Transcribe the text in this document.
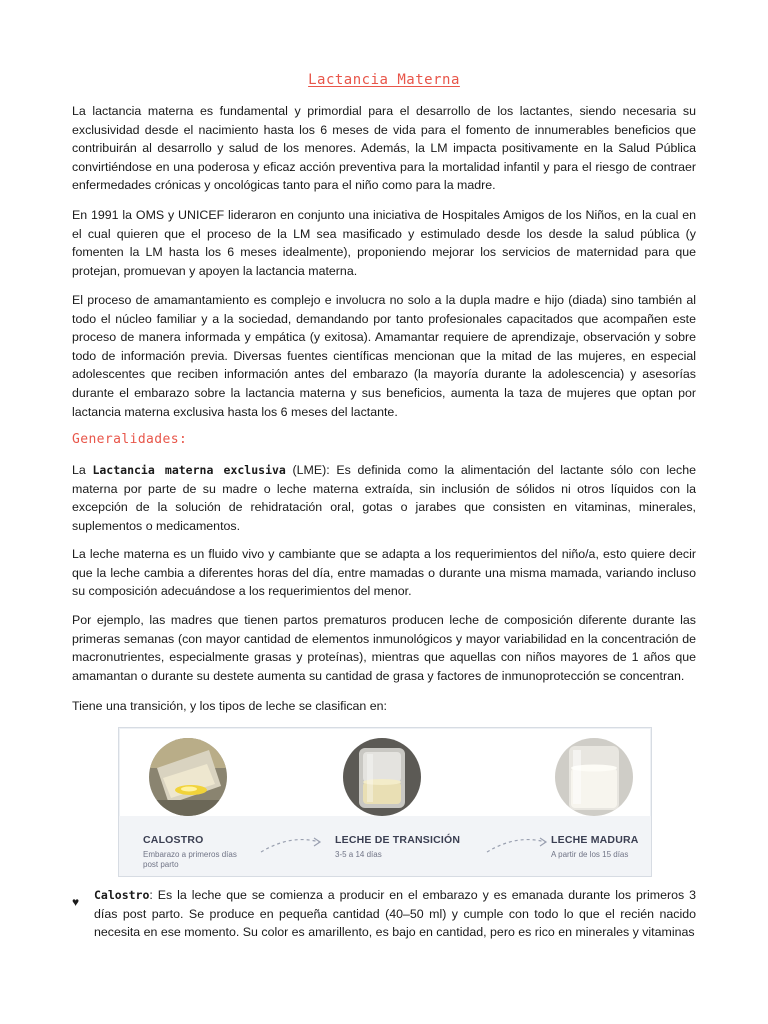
Lactancia Materna

La lactancia materna es fundamental y primordial para el desarrollo de los lactantes, siendo necesaria su exclusividad desde el nacimiento hasta los 6 meses de vida para el fomento de innumerables beneficios que contribuirán al desarrollo y salud de los menores. Además, la LM impacta positivamente en la Salud Pública convirtiéndose en una poderosa y eficaz acción preventiva para la mortalidad infantil y para el riesgo de contraer enfermedades crónicas y oncológicas tanto para el niño como para la madre.

En 1991 la OMS y UNICEF lideraron en conjunto una iniciativa de Hospitales Amigos de los Niños, en la cual en el cual quieren que el proceso de la LM sea masificado y estimulado desde los desde la salud pública (y fomenten la LM hasta los 6 meses idealmente), proponiendo mejorar los servicios de maternidad para que protejan, promuevan y apoyen la lactancia materna.

El proceso de amamantamiento es complejo e involucra no solo a la dupla madre e hijo (diada) sino también al todo el núcleo familiar y a la sociedad, demandando por tanto profesionales capacitados que acompañen este proceso de manera informada y empática (y exitosa). Amamantar requiere de aprendizaje, observación y sobre todo de información previa. Diversas fuentes científicas mencionan que la mitad de las mujeres, en especial adolescentes que reciben información antes del embarazo (la mayoría durante la adolescencia) y asesorías durante el embarazo sobre la lactancia materna y sus beneficios, aumenta la taza de mujeres que optan por lactancia materna exclusiva hasta los 6 meses del lactante.

Generalidades:

La Lactancia materna exclusiva (LME): Es definida como la alimentación del lactante sólo con leche materna por parte de su madre o leche materna extraída, sin inclusión de sólidos ni otros líquidos con la excepción de la solución de rehidratación oral, gotas o jarabes que consisten en vitaminas, minerales, suplementos o medicamentos.

La leche materna es un fluido vivo y cambiante que se adapta a los requerimientos del niño/a, esto quiere decir que la leche cambia a diferentes horas del día, entre mamadas o durante una misma mamada, variando incluso su composición adecuándose a los requerimientos del menor.

Por ejemplo, las madres que tienen partos prematuros producen leche de composición diferente durante las primeras semanas (con mayor cantidad de elementos inmunológicos y mayor variabilidad en la concentración de macronutrientes, especialmente grasas y proteínas), mientras que aquellas con niños mayores de 1 años que amamantan o durante su destete aumenta su cantidad de grasa y factores de inmunoprotección se concentran.

Tiene una transición, y los tipos de leche se clasifican en:

CALOSTRO
Embarazo a primeros días post parto
LECHE DE TRANSICIÓN
3-5 a 14 días
LECHE MADURA
A partir de los 15 días
♥ Calostro: Es la leche que se comienza a producir en el embarazo y es emanada durante los primeros 3 días post parto. Se produce en pequeña cantidad (40–50 ml) y cumple con todo lo que el recién nacido necesita en ese momento. Su color es amarillento, es bajo en cantidad, pero es rico en minerales y vitaminas
